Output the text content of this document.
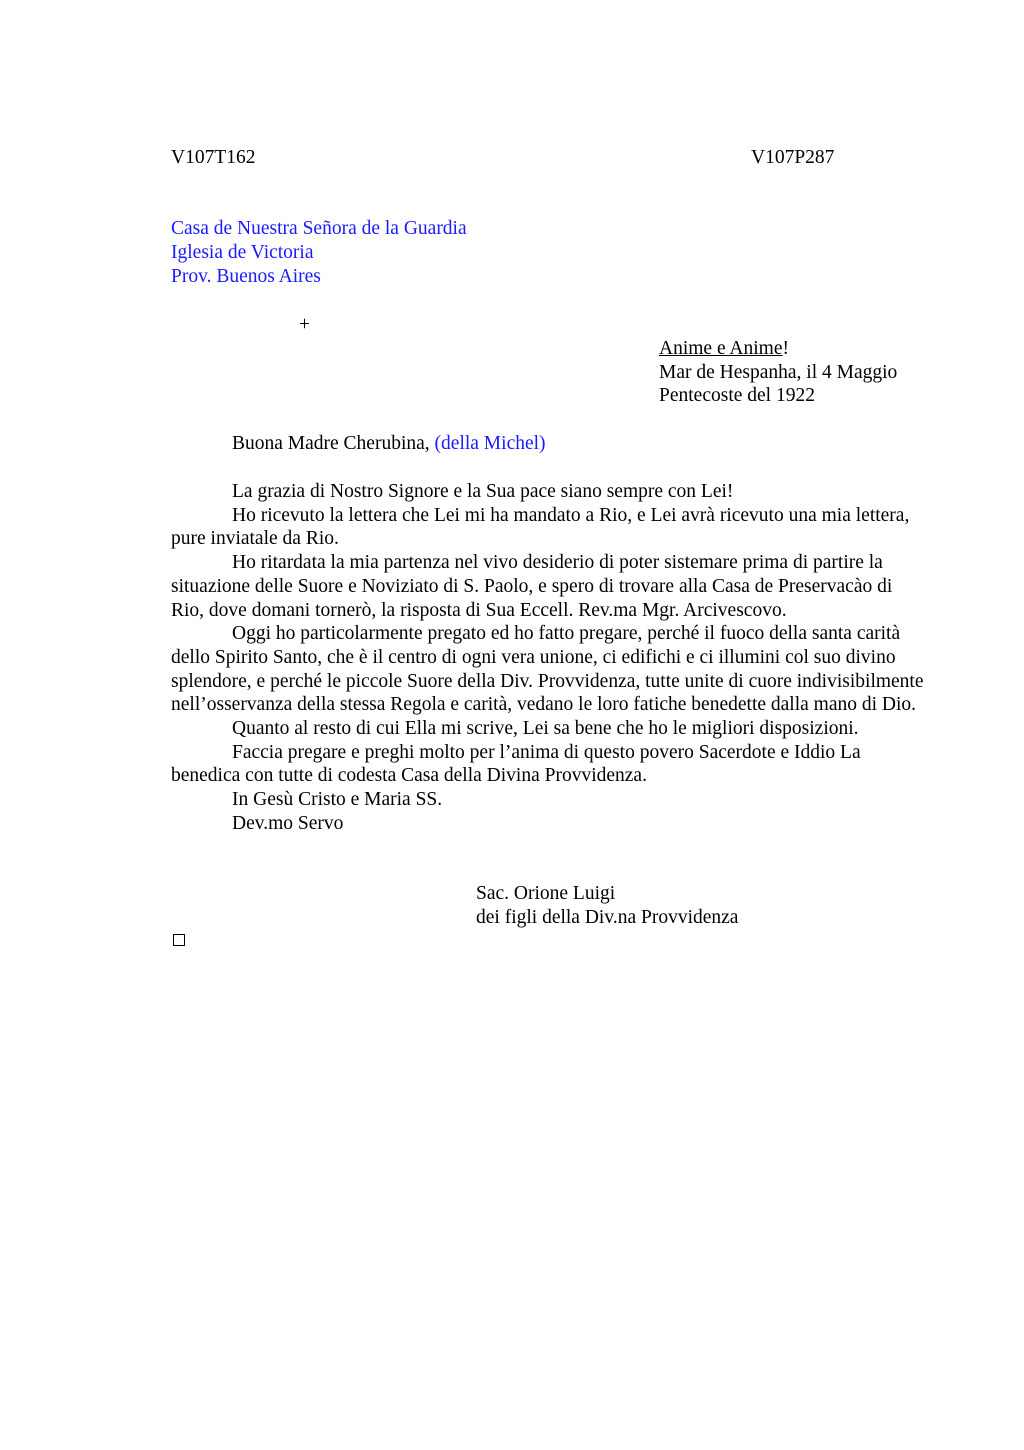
V107T162	V107P287
Casa de Nuestra Señora de la Guardia
Iglesia de Victoria
Prov. Buenos Aires
+
Anime e Anime!
Mar de Hespanha, il 4 Maggio
Pentecoste del 1922
Buona Madre Cherubina, (della Michel)

La grazia di Nostro Signore e la Sua pace siano sempre con Lei!

Ho ricevuto la lettera che Lei mi ha mandato a Rio, e Lei avrà ricevuto una mia lettera, pure inviatale da Rio.

Ho ritardata la mia partenza nel vivo desiderio di poter sistemare prima di partire la situazione delle Suore e Noviziato di S. Paolo, e spero di trovare alla Casa de Preservacào di Rio, dove domani tornerò, la risposta di Sua Eccell. Rev.ma Mgr. Arcivescovo.

Oggi ho particolarmente pregato ed ho fatto pregare, perché il fuoco della santa carità dello Spirito Santo, che è il centro di ogni vera unione, ci edifichi e ci illumini col suo divino splendore, e perché le piccole Suore della Div. Provvidenza, tutte unite di cuore indivisibilmente nell’osservanza della stessa Regola e carità, vedano le loro fatiche benedette dalla mano di Dio.

Quanto al resto di cui Ella mi scrive, Lei sa bene che ho le migliori disposizioni.

Faccia pregare e preghi molto per l’anima di questo povero Sacerdote e Iddio La benedica con tutte di codesta Casa della Divina Provvidenza.

In Gesù Cristo e Maria SS.

Dev.mo Servo

Sac. Orione Luigi
dei figli della Div.na Provvidenza
